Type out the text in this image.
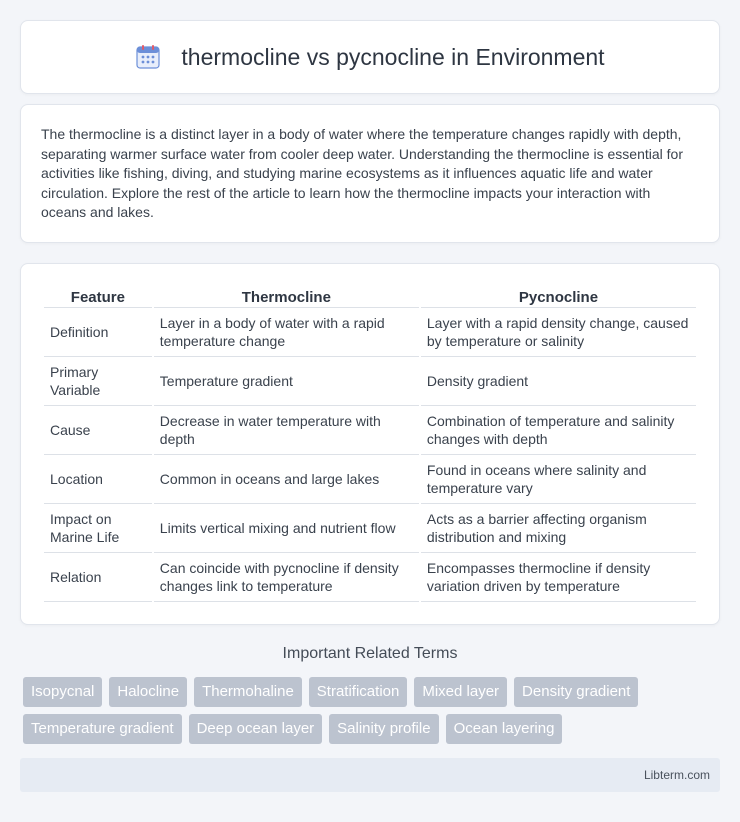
thermocline vs pycnocline in Environment

The thermocline is a distinct layer in a body of water where the temperature changes rapidly with depth, separating warmer surface water from cooler deep water. Understanding the thermocline is essential for activities like fishing, diving, and studying marine ecosystems as it influences aquatic life and water circulation. Explore the rest of the article to learn how the thermocline impacts your interaction with oceans and lakes.

Feature	Thermocline	Pycnocline
Definition	Layer in a body of water with a rapid temperature change	Layer with a rapid density change, caused by temperature or salinity
Primary Variable	Temperature gradient	Density gradient
Cause	Decrease in water temperature with depth	Combination of temperature and salinity changes with depth
Location	Common in oceans and large lakes	Found in oceans where salinity and temperature vary
Impact on Marine Life	Limits vertical mixing and nutrient flow	Acts as a barrier affecting organism distribution and mixing
Relation	Can coincide with pycnocline if density changes link to temperature	Encompasses thermocline if density variation driven by temperature
Important Related Terms
Isopycnal	Halocline	Thermohaline	Stratification	Mixed layer	Density gradient
Temperature gradient	Deep ocean layer	Salinity profile	Ocean layering
Libterm.com
